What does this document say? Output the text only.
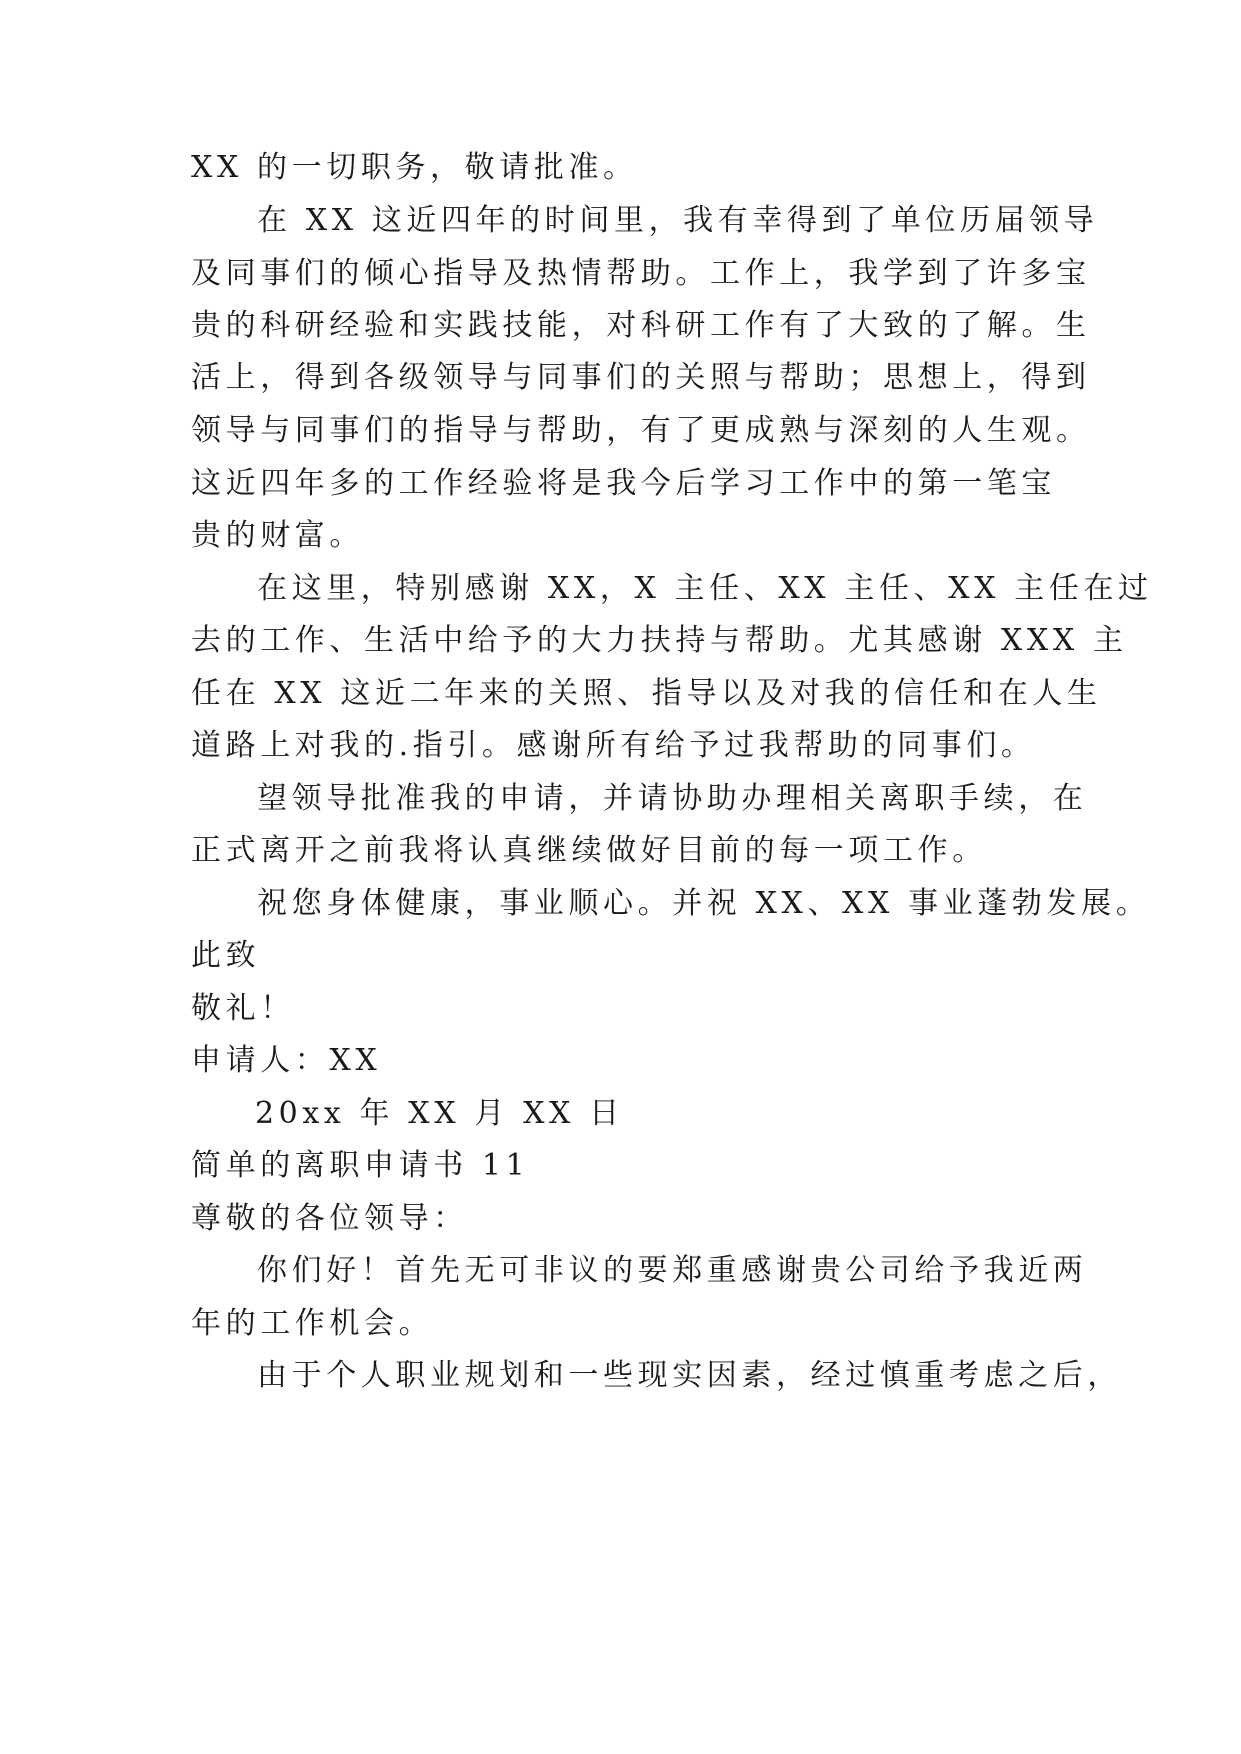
XX 的一切职务，敬请批准。
在 XX 这近四年的时间里，我有幸得到了单位历届领导
及同事们的倾心指导及热情帮助。工作上，我学到了许多宝
贵的科研经验和实践技能，对科研工作有了大致的了解。生
活上，得到各级领导与同事们的关照与帮助；思想上，得到
领导与同事们的指导与帮助，有了更成熟与深刻的人生观。
这近四年多的工作经验将是我今后学习工作中的第一笔宝
贵的财富。
在这里，特别感谢 XX，X 主任、XX 主任、XX 主任在过
去的工作、生活中给予的大力扶持与帮助。尤其感谢 XXX 主
任在 XX 这近二年来的关照、指导以及对我的信任和在人生
道路上对我的.指引。感谢所有给予过我帮助的同事们。
望领导批准我的申请，并请协助办理相关离职手续，在
正式离开之前我将认真继续做好目前的每一项工作。
祝您身体健康，事业顺心。并祝 XX、XX 事业蓬勃发展。
此致
敬礼！
申请人：XX
20xx 年 XX 月 XX 日
简单的离职申请书 11
尊敬的各位领导：
你们好！首先无可非议的要郑重感谢贵公司给予我近两
年的工作机会。
由于个人职业规划和一些现实因素，经过慎重考虑之后，
